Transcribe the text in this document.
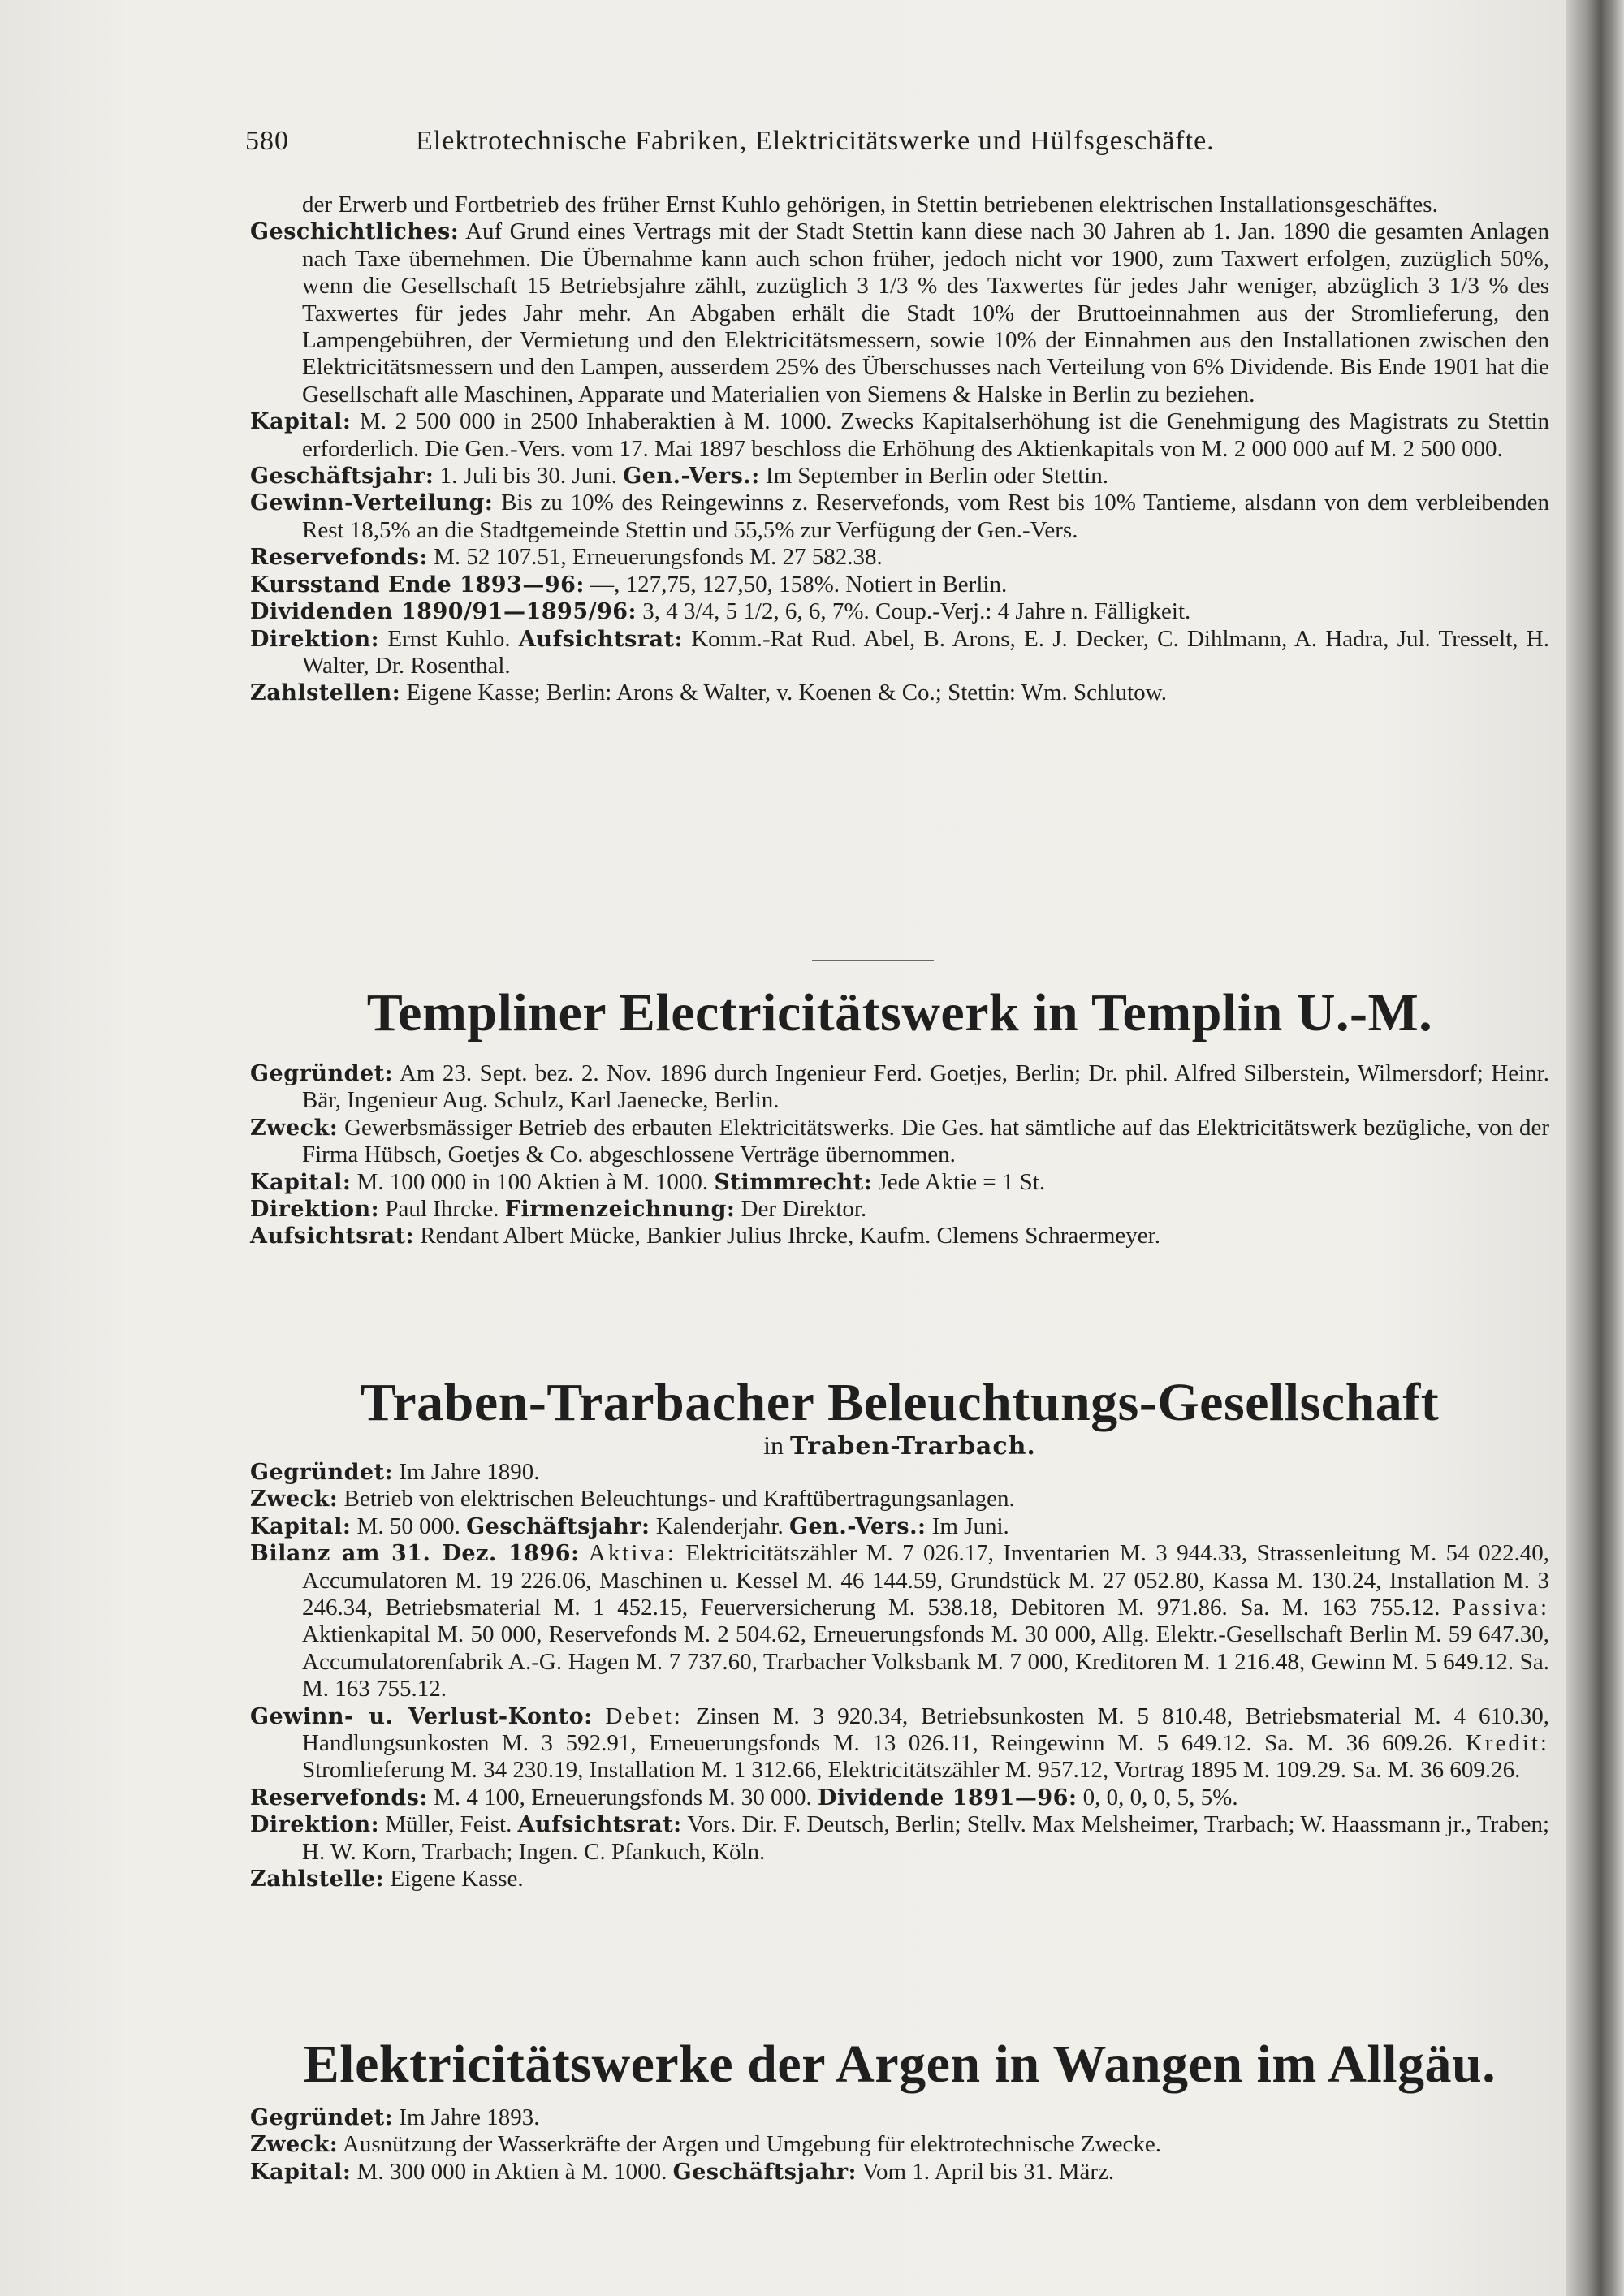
580	Elektrotechnische Fabriken, Elektricitätswerke und Hülfsgeschäfte.

der Erwerb und Fortbetrieb des früher Ernst Kuhlo gehörigen, in Stettin betriebenen elektrischen Installationsgeschäftes.

Geschichtliches: Auf Grund eines Vertrags mit der Stadt Stettin kann diese nach 30 Jahren ab 1. Jan. 1890 die gesamten Anlagen nach Taxe übernehmen. Die Übernahme kann auch schon früher, jedoch nicht vor 1900, zum Taxwert erfolgen, zuzüglich 50%, wenn die Gesellschaft 15 Betriebsjahre zählt, zuzüglich 3 1/3 % des Taxwertes für jedes Jahr weniger, abzüglich 3 1/3 % des Taxwertes für jedes Jahr mehr. An Abgaben erhält die Stadt 10% der Bruttoeinnahmen aus der Stromlieferung, den Lampengebühren, der Vermietung und den Elektricitätsmessern, sowie 10% der Einnahmen aus den Installationen zwischen den Elektricitätsmessern und den Lampen, ausserdem 25% des Überschusses nach Verteilung von 6% Dividende. Bis Ende 1901 hat die Gesellschaft alle Maschinen, Apparate und Materialien von Siemens & Halske in Berlin zu beziehen.

Kapital: M. 2 500 000 in 2500 Inhaberaktien à M. 1000. Zwecks Kapitalserhöhung ist die Genehmigung des Magistrats zu Stettin erforderlich. Die Gen.-Vers. vom 17. Mai 1897 beschloss die Erhöhung des Aktienkapitals von M. 2 000 000 auf M. 2 500 000.

Geschäftsjahr: 1. Juli bis 30. Juni. Gen.-Vers.: Im September in Berlin oder Stettin.

Gewinn-Verteilung: Bis zu 10% des Reingewinns z. Reservefonds, vom Rest bis 10% Tantieme, alsdann von dem verbleibenden Rest 18,5% an die Stadtgemeinde Stettin und 55,5% zur Verfügung der Gen.-Vers.

Reservefonds: M. 52 107.51, Erneuerungsfonds M. 27 582.38.

Kursstand Ende 1893—96: —, 127,75, 127,50, 158%. Notiert in Berlin.

Dividenden 1890/91—1895/96: 3, 4 3/4, 5 1/2, 6, 6, 7%. Coup.-Verj.: 4 Jahre n. Fälligkeit.

Direktion: Ernst Kuhlo. Aufsichtsrat: Komm.-Rat Rud. Abel, B. Arons, E. J. Decker, C. Dihlmann, A. Hadra, Jul. Tresselt, H. Walter, Dr. Rosenthal.

Zahlstellen: Eigene Kasse; Berlin: Arons & Walter, v. Koenen & Co.; Stettin: Wm. Schlutow.

Templiner Electricitätswerk in Templin U.-M.

Gegründet: Am 23. Sept. bez. 2. Nov. 1896 durch Ingenieur Ferd. Goetjes, Berlin; Dr. phil. Alfred Silberstein, Wilmersdorf; Heinr. Bär, Ingenieur Aug. Schulz, Karl Jaenecke, Berlin.

Zweck: Gewerbsmässiger Betrieb des erbauten Elektricitätswerks. Die Ges. hat sämtliche auf das Elektricitätswerk bezügliche, von der Firma Hübsch, Goetjes & Co. abgeschlossene Verträge übernommen.

Kapital: M. 100 000 in 100 Aktien à M. 1000. Stimmrecht: Jede Aktie = 1 St.

Direktion: Paul Ihrcke. Firmenzeichnung: Der Direktor.

Aufsichtsrat: Rendant Albert Mücke, Bankier Julius Ihrcke, Kaufm. Clemens Schraermeyer.

Traben-Trarbacher Beleuchtungs-Gesellschaft
in Traben-Trarbach.

Gegründet: Im Jahre 1890.

Zweck: Betrieb von elektrischen Beleuchtungs- und Kraftübertragungsanlagen.

Kapital: M. 50 000. Geschäftsjahr: Kalenderjahr. Gen.-Vers.: Im Juni.

Bilanz am 31. Dez. 1896: Aktiva: Elektricitätszähler M. 7 026.17, Inventarien M. 3 944.33, Strassenleitung M. 54 022.40, Accumulatoren M. 19 226.06, Maschinen u. Kessel M. 46 144.59, Grundstück M. 27 052.80, Kassa M. 130.24, Installation M. 3 246.34, Betriebsmaterial M. 1 452.15, Feuerversicherung M. 538.18, Debitoren M. 971.86. Sa. M. 163 755.12. Passiva: Aktienkapital M. 50 000, Reservefonds M. 2 504.62, Erneuerungsfonds M. 30 000, Allg. Elektr.-Gesellschaft Berlin M. 59 647.30, Accumulatorenfabrik A.-G. Hagen M. 7 737.60, Trarbacher Volksbank M. 7 000, Kreditoren M. 1 216.48, Gewinn M. 5 649.12. Sa. M. 163 755.12.

Gewinn- u. Verlust-Konto: Debet: Zinsen M. 3 920.34, Betriebsunkosten M. 5 810.48, Betriebsmaterial M. 4 610.30, Handlungsunkosten M. 3 592.91, Erneuerungsfonds M. 13 026.11, Reingewinn M. 5 649.12. Sa. M. 36 609.26. Kredit: Stromlieferung M. 34 230.19, Installation M. 1 312.66, Elektricitätszähler M. 957.12, Vortrag 1895 M. 109.29. Sa. M. 36 609.26.

Reservefonds: M. 4 100, Erneuerungsfonds M. 30 000. Dividende 1891—96: 0, 0, 0, 0, 5, 5%.

Direktion: Müller, Feist. Aufsichtsrat: Vors. Dir. F. Deutsch, Berlin; Stellv. Max Melsheimer, Trarbach; W. Haassmann jr., Traben; H. W. Korn, Trarbach; Ingen. C. Pfankuch, Köln.

Zahlstelle: Eigene Kasse.

Elektricitätswerke der Argen in Wangen im Allgäu.

Gegründet: Im Jahre 1893.

Zweck: Ausnützung der Wasserkräfte der Argen und Umgebung für elektrotechnische Zwecke.

Kapital: M. 300 000 in Aktien à M. 1000. Geschäftsjahr: Vom 1. April bis 31. März.
